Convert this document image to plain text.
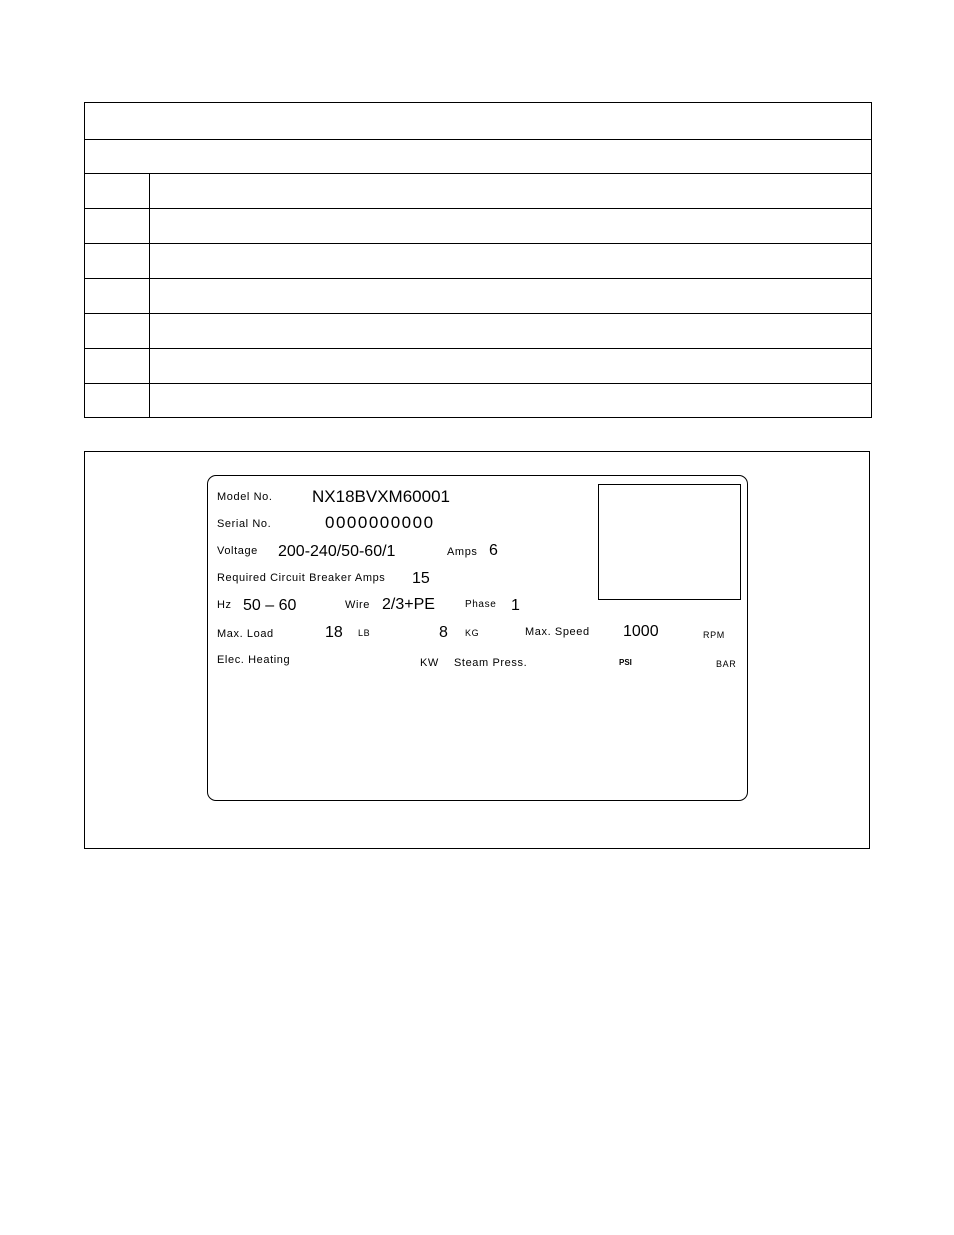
Model No. NX18BVXM60001
Serial No.	0000000000
Voltage 200-240/50-60/1	Amps 6
Required Circuit Breaker Amps 15
Hz 50 – 60	Wire 2/3+PE	Phase 1
Max. Load	18 LB	8 KG	Max. Speed 1000	RPM
Elec. Heating	KW Steam Press.	PSI	BAR
